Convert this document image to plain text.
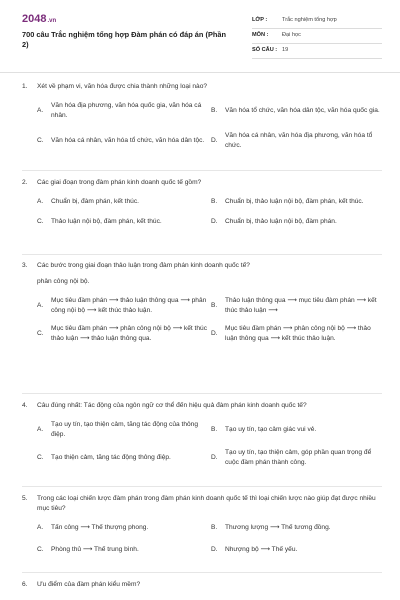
2048.vn
700 câu Trắc nghiệm tổng hợp Đàm phán có đáp án (Phần 2)
LỚP :	Trắc nghiệm tổng hợp
MÔN : Đại học
SỐ CÂU : 19
1. Xét về phạm vi, văn hóa được chia thành những loại nào?
A.
Văn hóa địa phương, văn hóa quốc gia, văn hóa cá nhân.
B.	Văn hóa tổ chức, văn hóa dân tộc, văn hóa quốc gia.
C.	Văn hóa cá nhân, văn hóa tổ chức, văn hóa dân tộc.	D.
Văn hóa cá nhân, văn hóa địa phương, văn hóa tổ chức.
2. Các giai đoạn trong đàm phán kinh doanh quốc tế gồm?
A.	Chuẩn bị, đàm phán, kết thúc.	B.	Chuẩn bị, thảo luận nội bộ, đàm phán, kết thúc.
C.	Thảo luận nội bộ, đàm phán, kết thúc.	D.	Chuẩn bị, thảo luận nội bộ, đàm phán.
3. Các bước trong giai đoạn thảo luận trong đàm phán kinh doanh quốc tế?
phân công nội bộ.
A.
Mục tiêu đàm phán ⟶ thảo luận thông qua ⟶ phân công nội bộ ⟶ kết thúc thảo luận.
B.
Thảo luận thông qua ⟶ mục tiêu đàm phán ⟶ kết thúc thảo luận ⟶
C.
Mục tiêu đàm phán ⟶ phân công nội bộ ⟶ kết thúc thảo luận ⟶ thảo luận thông qua.
D.
Mục tiêu đàm phán ⟶ phân công nội bộ ⟶ thảo luận thông qua ⟶ kết thúc thảo luận.
4. Câu đúng nhất: Tác động của ngôn ngữ cơ thể đến hiệu quả đàm phán kinh doanh quốc tế?
A.
Tạo uy tín, tạo thiện cảm, tăng tác động của thông điệp.
B.	Tạo uy tín, tạo cảm giác vui vẻ.
C.	Tạo thiện cảm, tăng tác động thông điệp.	D.
Tạo uy tín, tạo thiện cảm, góp phần quan trọng để cuộc đàm phán thành công.
5. Trong các loại chiến lược đàm phán trong đàm phán kinh doanh quốc tế thì loại chiến lược nào giúp đạt được nhiều mục tiêu?
A.	Tấn công ⟶ Thế thượng phong.	B.	Thương lượng ⟶ Thế tương đồng.
C.	Phòng thủ ⟶ Thế trung bình.	D.	Nhượng bộ ⟶ Thế yếu.
6. Ưu điểm của đàm phán kiểu mềm?
